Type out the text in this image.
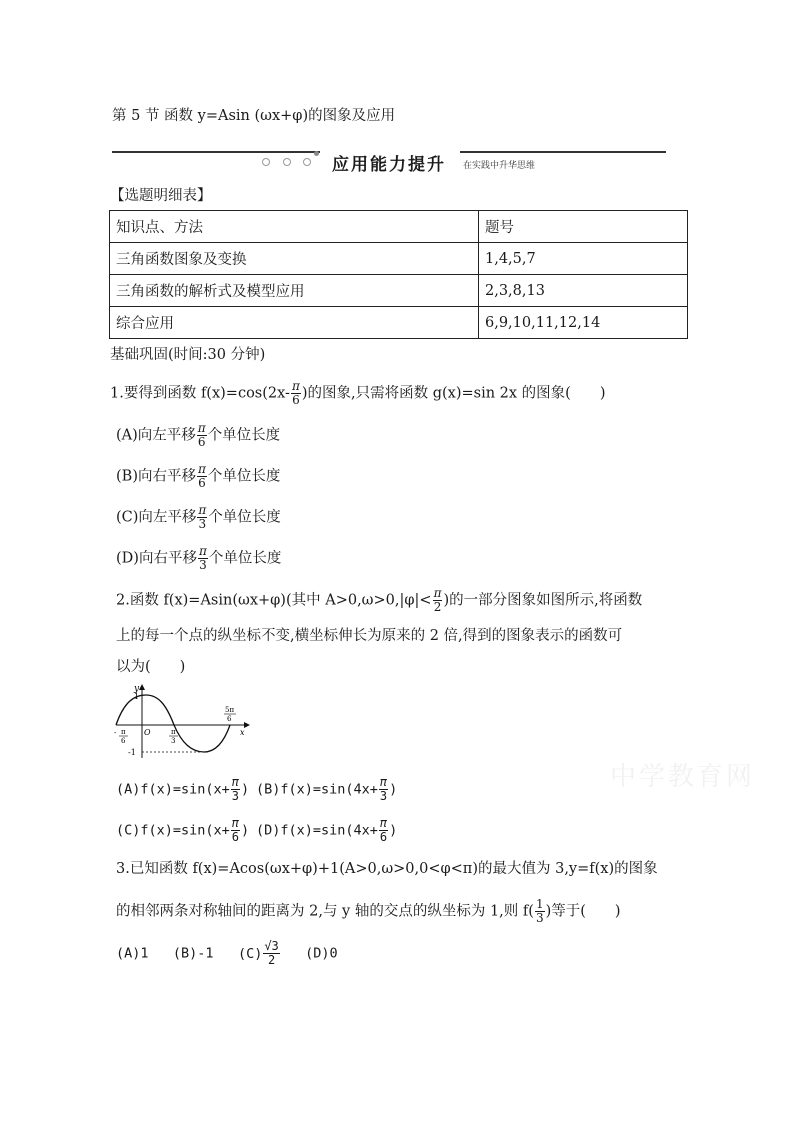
第 5 节 函数 y=Asin (ωx+φ)的图象及应用
应用能力提升 在实践中升华思维
【选题明细表】
知识点、方法	题号
三角函数图象及变换	1,4,5,7
三角函数的解析式及模型应用	2,3,8,13
综合应用	6,9,10,11,12,14
基础巩固(时间:30 分钟)
1.要得到函数 $f(x)=\cos(2x- \frac{\pi}{6}$ )的图象,只需将函数 g(x)=sin 2x 的图象(　　)
(A)向左平移 $\frac{\pi}{6}$ 个单位长度
(B)向右平移 $\frac{\pi}{6}$ 个单位长度
(C)向左平移 $\frac{\pi}{3}$ 个单位长度
(D)向右平移 $\frac{\pi}{3}$ 个单位长度
2.函数 f(x)=Asin(ωx+φ)(其中 $A>0,\omega>0,|\varphi|< \frac{\pi}{2}$ )的一部分图象如图所示,将函数
上的每一个点的纵坐标不变,横坐标伸长为原来的 2 倍,得到的图象表示的函数可
以为(　　)
y
1
-1
O	x
- π
6
π
3
5π
6
$(A)f(x)=\sin(x+ \frac{\pi}{3}$ ) $(B)f(x)=\sin(4x+ \frac{\pi}{3}$ )
$(C)f(x)=\sin(x+ \frac{\pi}{6}$ ) $(D)f(x)=\sin(4x+ \frac{\pi}{6}$ )
3.已知函数 f(x)=Acos(ωx+φ)+1(A>0,ω>0,0<φ<π)的最大值为 3,y=f(x)的图象
的相邻两条对称轴间的距离为 2,与 y 轴的交点的纵坐标为 1,则 $f( \frac{1}{3}$ )等于(　　)
(A)1 (B)-1 $(C) \frac{√3}{2} (D)0$
中学教育网
